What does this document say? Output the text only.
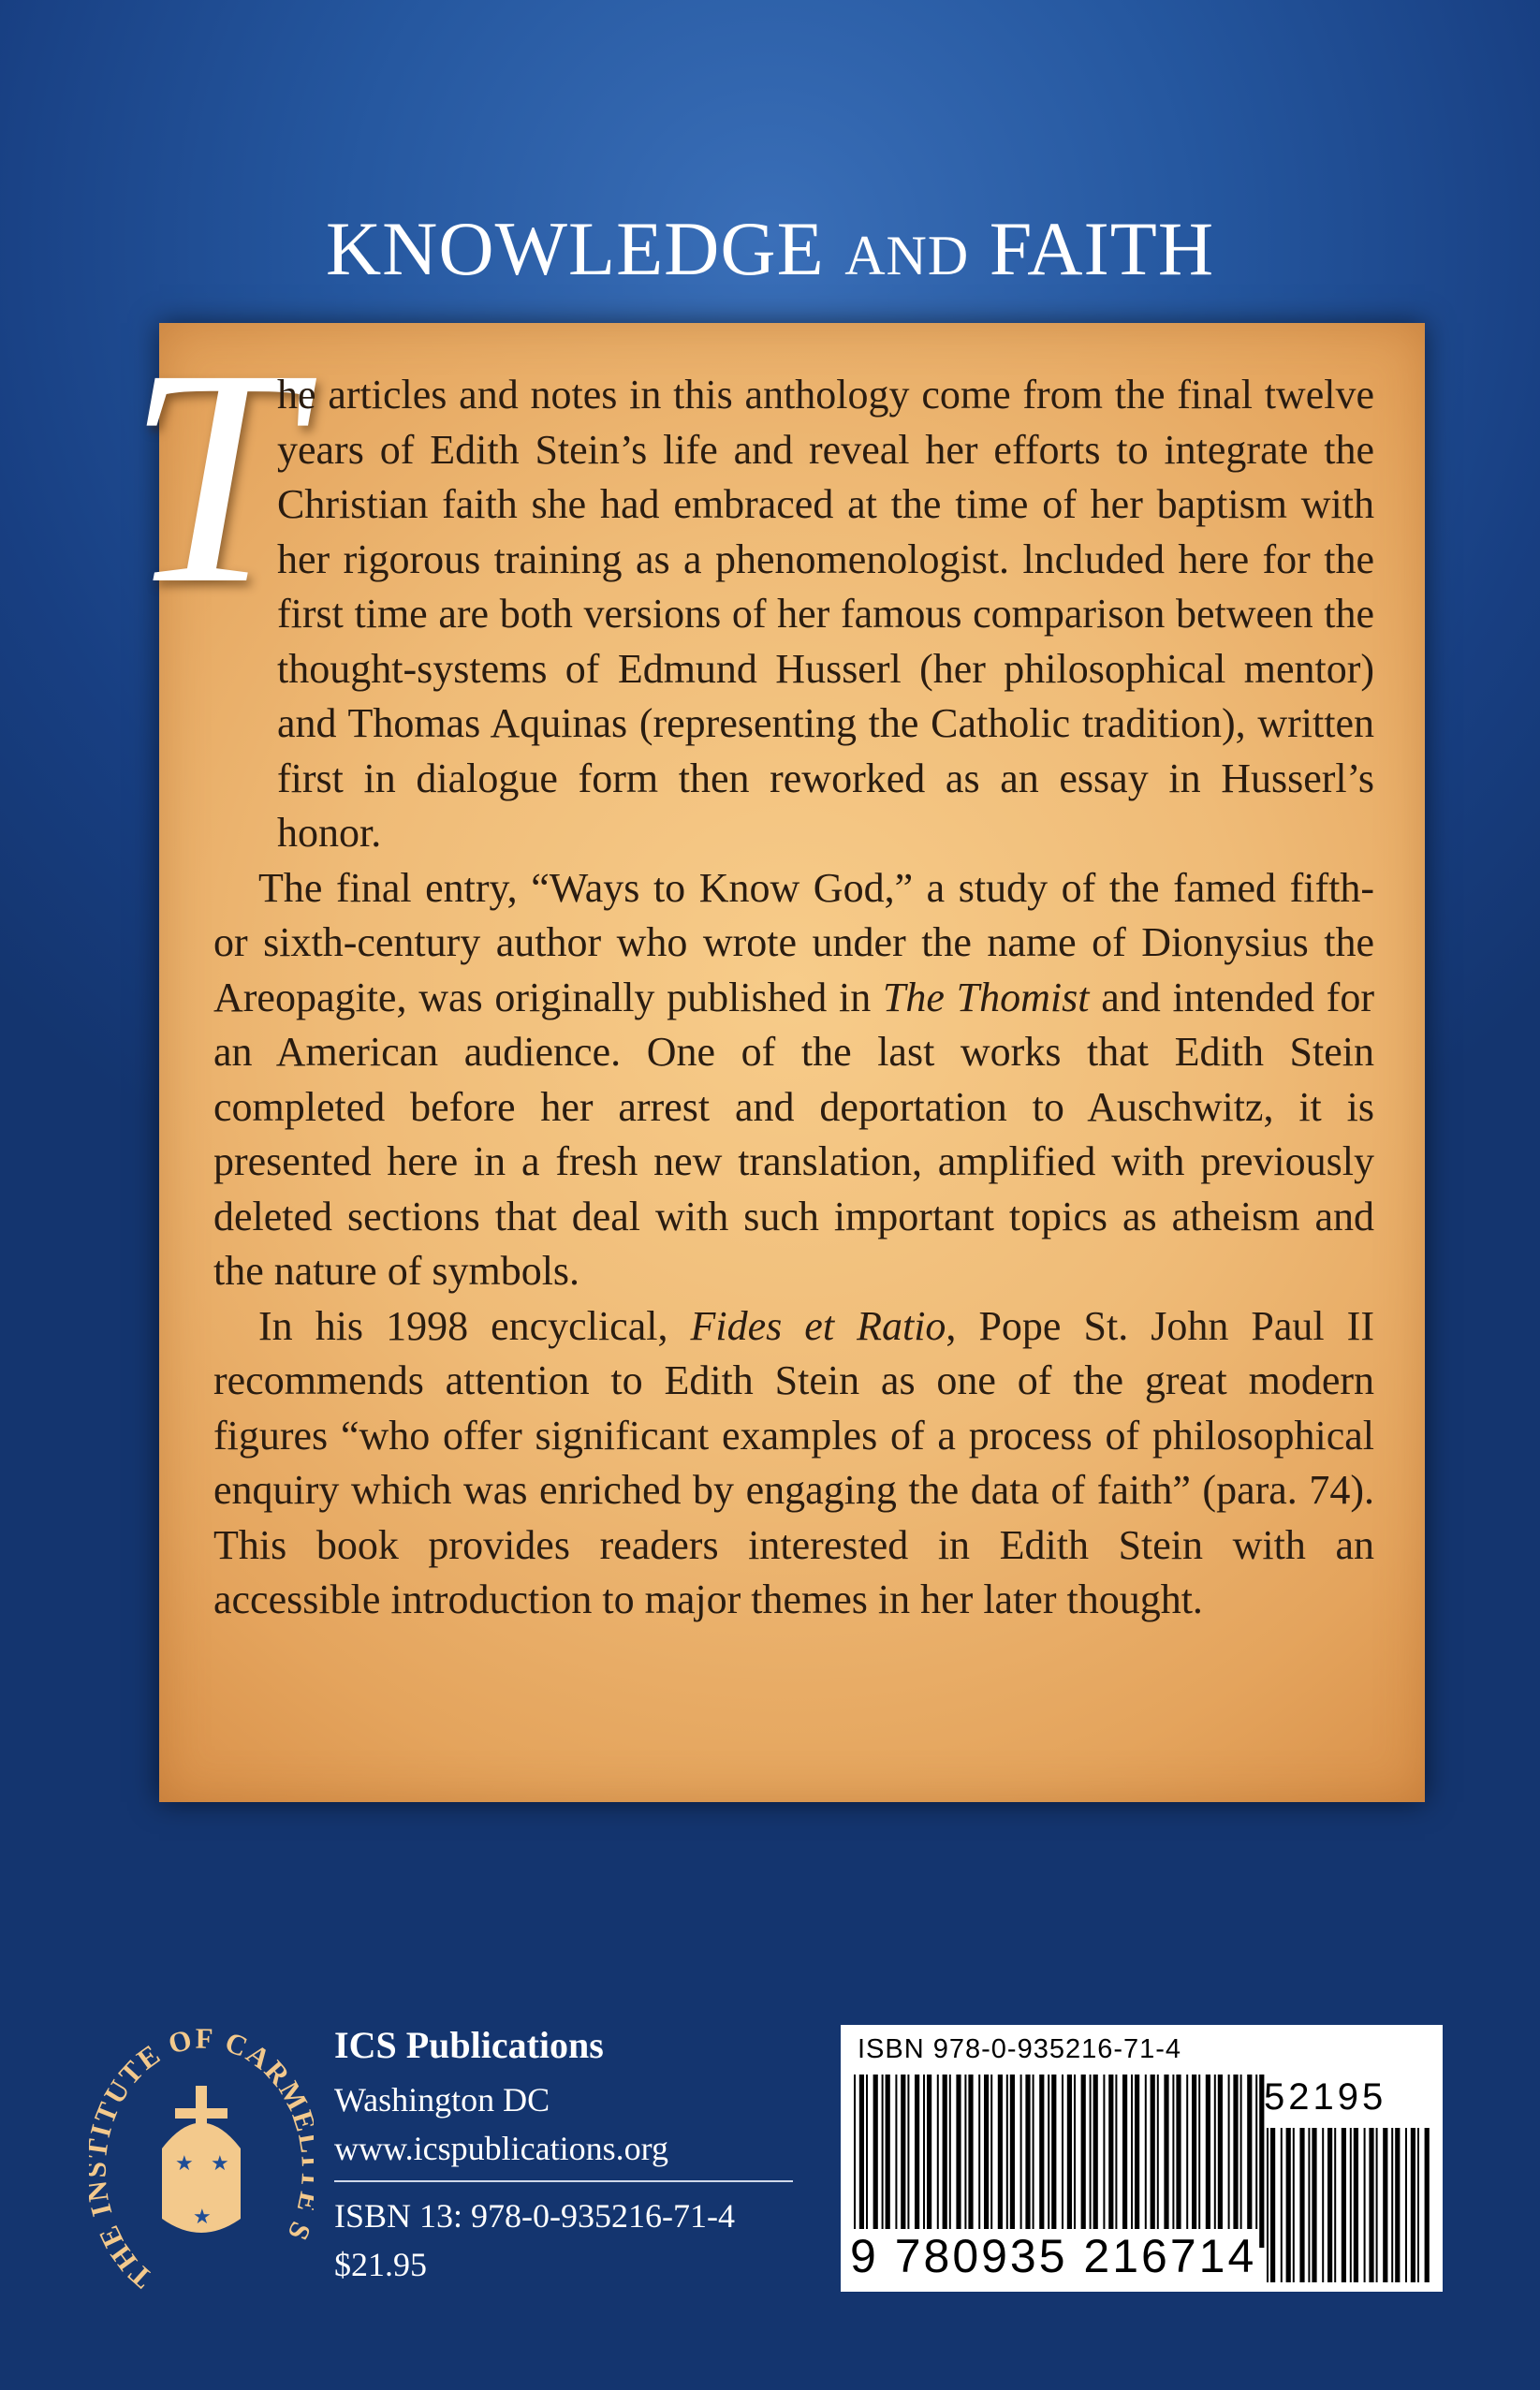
KNOWLEDGE AND FAITH
T

he articles and notes in this anthology come from the final twelve years of Edith Stein’s life and reveal her efforts to integrate the Christian faith she had embraced at the time of her baptism with her rigorous training as a phenomenologist. lncluded here for the first time are both versions of her famous comparison between the thought-systems of Edmund Husserl (her philosophical mentor) and Thomas Aquinas (representing the Catholic tradition), written first in dialogue form then reworked as an essay in Husserl’s honor.

The final entry, “Ways to Know God,” a study of the famed fifth- or sixth-century author who wrote under the name of Dionysius the Areopagite, was originally published in The Thomist and intended for an American audience. One of the last works that Edith Stein completed before her arrest and deportation to Auschwitz, it is presented here in a fresh new translation, amplified with previously deleted sections that deal with such important topics as atheism and the nature of symbols.

In his 1998 encyclical, Fides et Ratio, Pope St. John Paul II recommends attention to Edith Stein as one of the great modern figures “who offer significant examples of a process of philosophical enquiry which was enriched by engaging the data of faith” (para. 74). This book provides readers interested in Edith Stein with an accessible introduction to major themes in her later thought.

THE TUTE OF CARM
★ ★
★
ICS Publications
Washington DC
www.icspublications.org
ISBN 13: 978-0-935216-71-4
$21.95
ISBN 978-0-935216-71-4
52195
9 780935 216714
